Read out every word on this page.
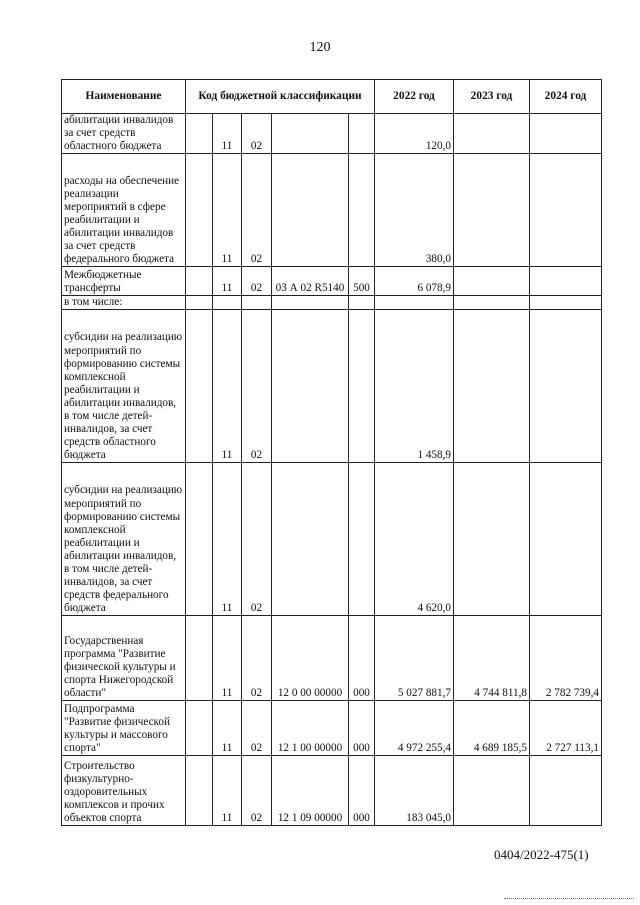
120
Наименование	Код бюджетной классификации					2022 год	2023 год	2024 год
абилитации инвалидов за счет средств областного бюджета		11	02			120,0		
расходы на обеспечение реализации мероприятий в сфере реабилитации и абилитации инвалидов за счет средств федерального бюджета		11	02			380,0		
Межбюджетные трансферты		11	02	03 А 02 R5140	500	6 078,9		
в том числе:								
субсидии на реализацию мероприятий по формированию системы комплексной реабилитации и абилитации инвалидов, в том числе детей-инвалидов, за счет средств областного бюджета		11	02			1 458,9		
субсидии на реализацию мероприятий по формированию системы комплексной реабилитации и абилитации инвалидов, в том числе детей-инвалидов, за счет средств федерального бюджета		11	02			4 620,0		
Государственная программа "Развитие физической культуры и спорта Нижегородской области"		11	02	12 0 00 00000	000	5 027 881,7	4 744 811,8	2 782 739,4
Подпрограмма "Развитие физической культуры и массового спорта"		11	02	12 1 00 00000	000	4 972 255,4	4 689 185,5	2 727 113,1
Строительство физкультурно-оздоровительных комплексов и прочих объектов спорта		11	02	12 1 09 00000	000	183 045,0		
0404/2022-475(1)
